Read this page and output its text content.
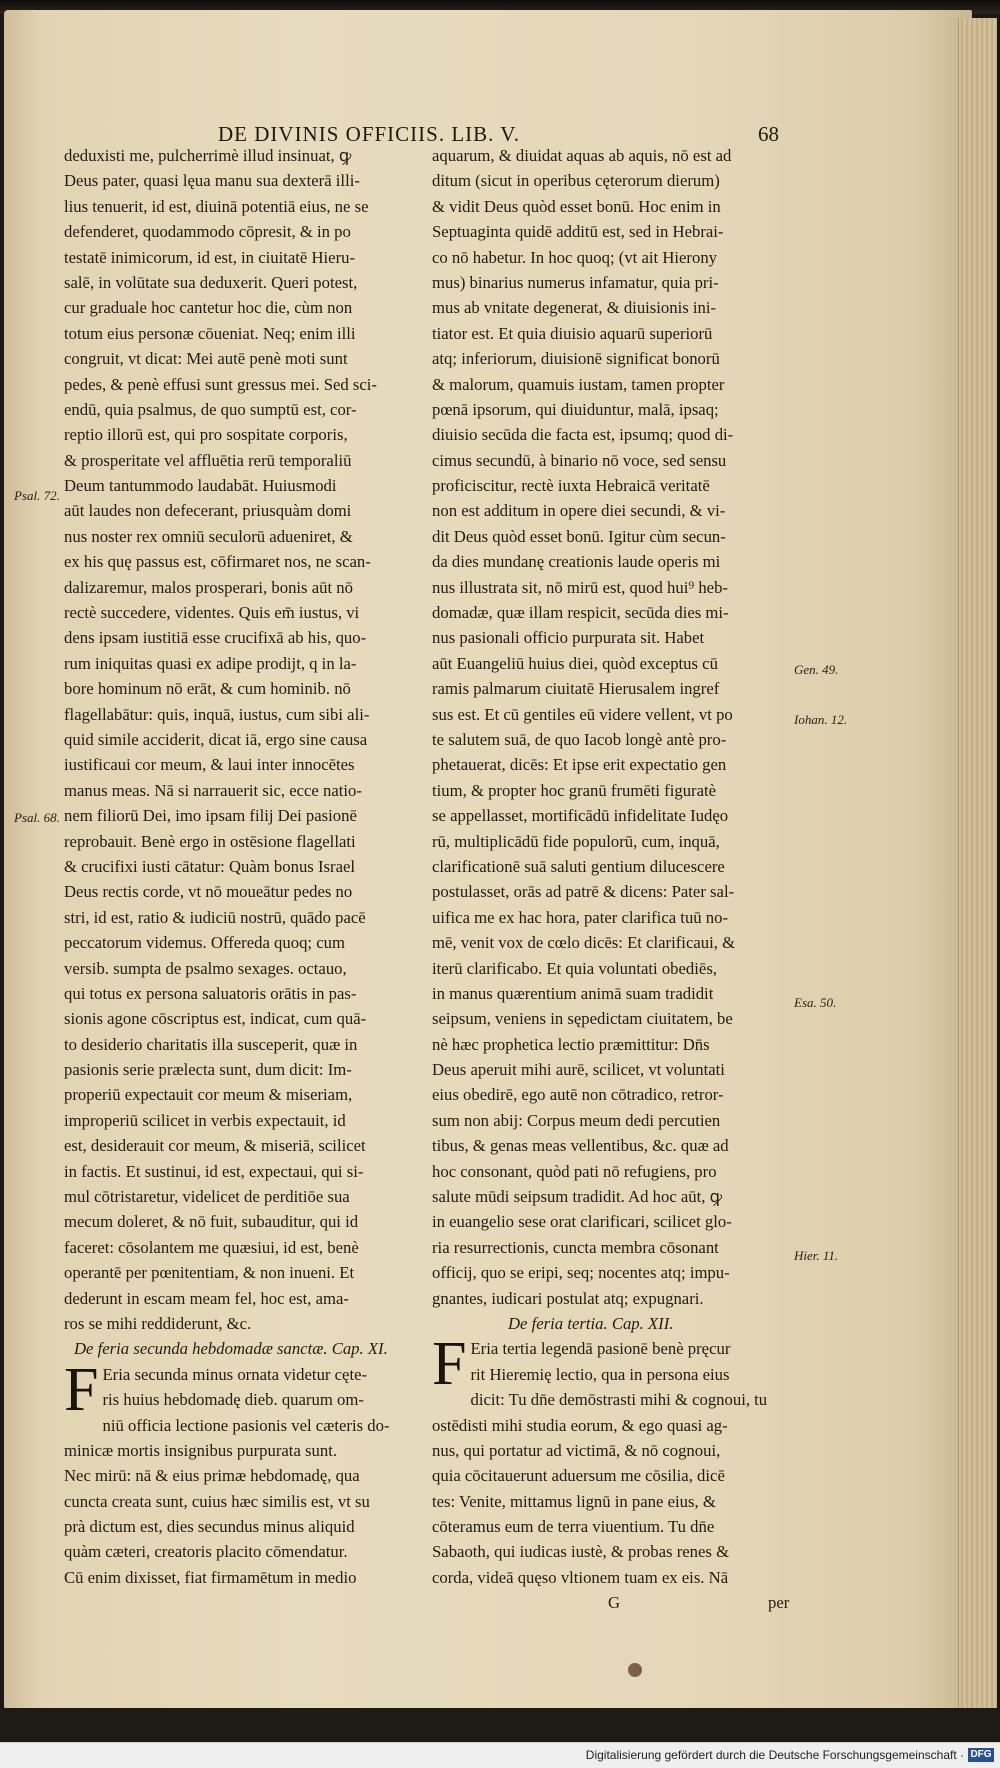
DE DIVINIS OFFICIIS. LIB. V.	68
deduxisti me, pulcherrimè illud insinuat, ꝙ
Deus pater, quasi lęua manu sua dexterā illi-
lius tenuerit, id est, diuinā potentiā eius, ne se
defenderet, quodammodo cōpresit, & in po
testatē inimicorum, id est, in ciuitatē Hieru-
salē, in volūtate sua deduxerit. Queri potest,
cur graduale hoc cantetur hoc die, cùm non
totum eius personæ cōueniat. Neq; enim illi
congruit, vt dicat: Mei autē penè moti sunt
pedes, & penè effusi sunt gressus mei. Sed sci-
endū, quia psalmus, de quo sumptū est, cor-
reptio illorū est, qui pro sospitate corporis,
& prosperitate vel affluētia rerū temporaliū
Deum tantummodo laudabāt. Huiusmodi
aūt laudes non defecerant, priusquàm domi
nus noster rex omniū seculorū adueniret, &
ex his quę passus est, cōfirmaret nos, ne scan-
dalizaremur, malos prosperari, bonis aūt nō
rectè succedere, videntes. Quis em̄ iustus, vi
dens ipsam iustitiā esse crucifixā ab his, quo-
rum iniquitas quasi ex adipe prodijt, q in la-
bore hominum nō erāt, & cum hominib. nō
flagellabātur: quis, inquā, iustus, cum sibi ali-
quid simile acciderit, dicat iā, ergo sine causa
iustificaui cor meum, & laui inter innocētes
manus meas. Nā si narrauerit sic, ecce natio-
nem filiorū Dei, imo ipsam filij Dei pasionē
reprobauit. Benè ergo in ostēsione flagellati
& crucifixi iusti cātatur: Quàm bonus Israel
Deus rectis corde, vt nō moueātur pedes no
stri, id est, ratio & iudiciū nostrū, quādo pacē
peccatorum videmus. Offereda quoq; cum
versib. sumpta de psalmo sexages. octauo,
qui totus ex persona saluatoris orātis in pas-
sionis agone cōscriptus est, indicat, cum quā-
to desiderio charitatis illa susceperit, quæ in
pasionis serie prælecta sunt, dum dicit: Im-
properiū expectauit cor meum & miseriam,
improperiū scilicet in verbis expectauit, id
est, desiderauit cor meum, & miseriā, scilicet
in factis. Et sustinui, id est, expectaui, qui si-
mul cōtristaretur, videlicet de perditiōe sua
mecum doleret, & nō fuit, subauditur, qui id
faceret: cōsolantem me quæsiui, id est, benè
operantē per pœnitentiam, & non inueni. Et
dederunt in escam meam fel, hoc est, ama-
ros se mihi reddiderunt, &c.
De feria secunda hebdomadæ sanctæ. Cap. XI.
F Eria secunda minus ornata videtur cęte-
ris huius hebdomadę dieb. quarum om-
niū officia lectione pasionis vel cæteris do-
minicæ mortis insignibus purpurata sunt.
Nec mirū: nā & eius primæ hebdomadę, qua
cuncta creata sunt, cuius hæc similis est, vt su
prà dictum est, dies secundus minus aliquid
quàm cæteri, creatoris placito cōmendatur.
Cū enim dixisset, fiat firmamētum in medio
aquarum, & diuidat aquas ab aquis, nō est ad
ditum (sicut in operibus cęterorum dierum)
& vidit Deus quòd esset bonū. Hoc enim in
Septuaginta quidē additū est, sed in Hebrai-
co nō habetur. In hoc quoq; (vt ait Hierony
mus) binarius numerus infamatur, quia pri-
mus ab vnitate degenerat, & diuisionis ini-
tiator est. Et quia diuisio aquarū superiorū
atq; inferiorum, diuisionē significat bonorū
& malorum, quamuis iustam, tamen propter
pœnā ipsorum, qui diuiduntur, malā, ipsaq;
diuisio secūda die facta est, ipsumq; quod di-
cimus secundū, à binario nō voce, sed sensu
proficiscitur, rectè iuxta Hebraicā veritatē
non est additum in opere diei secundi, & vi-
dit Deus quòd esset bonū. Igitur cùm secun-
da dies mundanę creationis laude operis mi
nus illustrata sit, nō mirū est, quod hui⁹ heb-
domadæ, quæ illam respicit, secūda dies mi-
nus pasionali officio purpurata sit. Habet
aūt Euangeliū huius diei, quòd exceptus cū
ramis palmarum ciuitatē Hierusalem ingref
sus est. Et cū gentiles eū videre vellent, vt po
te salutem suā, de quo Iacob longè antè pro-
phetauerat, dicēs: Et ipse erit expectatio gen
tium, & propter hoc granū frumēti figuratè
se appellasset, mortificādū infidelitate Iudęo
rū, multiplicādū fide populorū, cum, inquā,
clarificationē suā saluti gentium dilucescere
postulasset, orās ad patrē & dicens: Pater sal-
uifica me ex hac hora, pater clarifica tuū no-
mē, venit vox de cœlo dicēs: Et clarificaui, &
iterū clarificabo. Et quia voluntati obediēs,
in manus quærentium animā suam tradidit
seipsum, veniens in sępedictam ciuitatem, be
nè hæc prophetica lectio præmittitur: Dn̄s
Deus aperuit mihi aurē, scilicet, vt voluntati
eius obedirē, ego autē non cōtradico, retror-
sum non abij: Corpus meum dedi percutien
tibus, & genas meas vellentibus, &c. quæ ad
hoc consonant, quòd pati nō refugiens, pro
salute mūdi seipsum tradidit. Ad hoc aūt, ꝙ
in euangelio sese orat clarificari, scilicet glo-
ria resurrectionis, cuncta membra cōsonant
officij, quo se eripi, seq; nocentes atq; impu-
gnantes, iudicari postulat atq; expugnari.
De feria tertia. Cap. XII.
F Eria tertia legendā pasionē benè pręcur
rit Hieremię lectio, qua in persona eius
dicit: Tu dn̄e demōstrasti mihi & cognoui, tu
ostēdisti mihi studia eorum, & ego quasi ag-
nus, qui portatur ad victimā, & nō cognoui,
quia cōcitauerunt aduersum me cōsilia, dicē
tes: Venite, mittamus lignū in pane eius, &
cōteramus eum de terra viuentium. Tu dn̄e
Sabaoth, qui iudicas iustè, & probas renes &
corda, videā quęso vltionem tuam ex eis. Nā
G	per
Psal. 72.
Psal. 68.
Gen. 49.
Iohan. 12.
Esa. 50.
Hier. 11.
Digitalisierung gefördert durch die Deutsche Forschungsgemeinschaft · DFG
